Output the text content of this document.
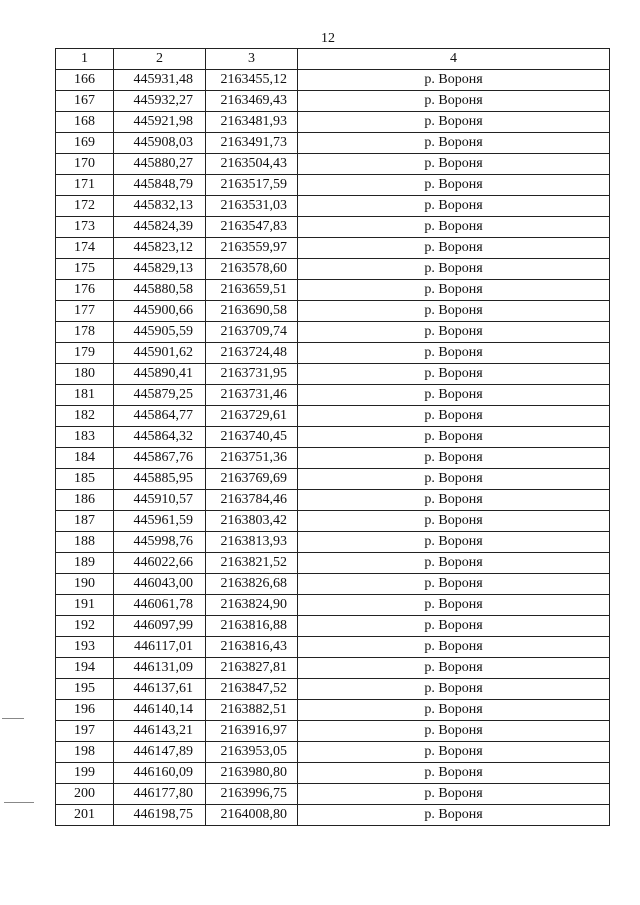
12
1	2	3	4
166	445931,48	2163455,12	р. Вороня
167	445932,27	2163469,43	р. Вороня
168	445921,98	2163481,93	р. Вороня
169	445908,03	2163491,73	р. Вороня
170	445880,27	2163504,43	р. Вороня
171	445848,79	2163517,59	р. Вороня
172	445832,13	2163531,03	р. Вороня
173	445824,39	2163547,83	р. Вороня
174	445823,12	2163559,97	р. Вороня
175	445829,13	2163578,60	р. Вороня
176	445880,58	2163659,51	р. Вороня
177	445900,66	2163690,58	р. Вороня
178	445905,59	2163709,74	р. Вороня
179	445901,62	2163724,48	р. Вороня
180	445890,41	2163731,95	р. Вороня
181	445879,25	2163731,46	р. Вороня
182	445864,77	2163729,61	р. Вороня
183	445864,32	2163740,45	р. Вороня
184	445867,76	2163751,36	р. Вороня
185	445885,95	2163769,69	р. Вороня
186	445910,57	2163784,46	р. Вороня
187	445961,59	2163803,42	р. Вороня
188	445998,76	2163813,93	р. Вороня
189	446022,66	2163821,52	р. Вороня
190	446043,00	2163826,68	р. Вороня
191	446061,78	2163824,90	р. Вороня
192	446097,99	2163816,88	р. Вороня
193	446117,01	2163816,43	р. Вороня
194	446131,09	2163827,81	р. Вороня
195	446137,61	2163847,52	р. Вороня
196	446140,14	2163882,51	р. Вороня
197	446143,21	2163916,97	р. Вороня
198	446147,89	2163953,05	р. Вороня
199	446160,09	2163980,80	р. Вороня
200	446177,80	2163996,75	р. Вороня
201	446198,75	2164008,80	р. Вороня
